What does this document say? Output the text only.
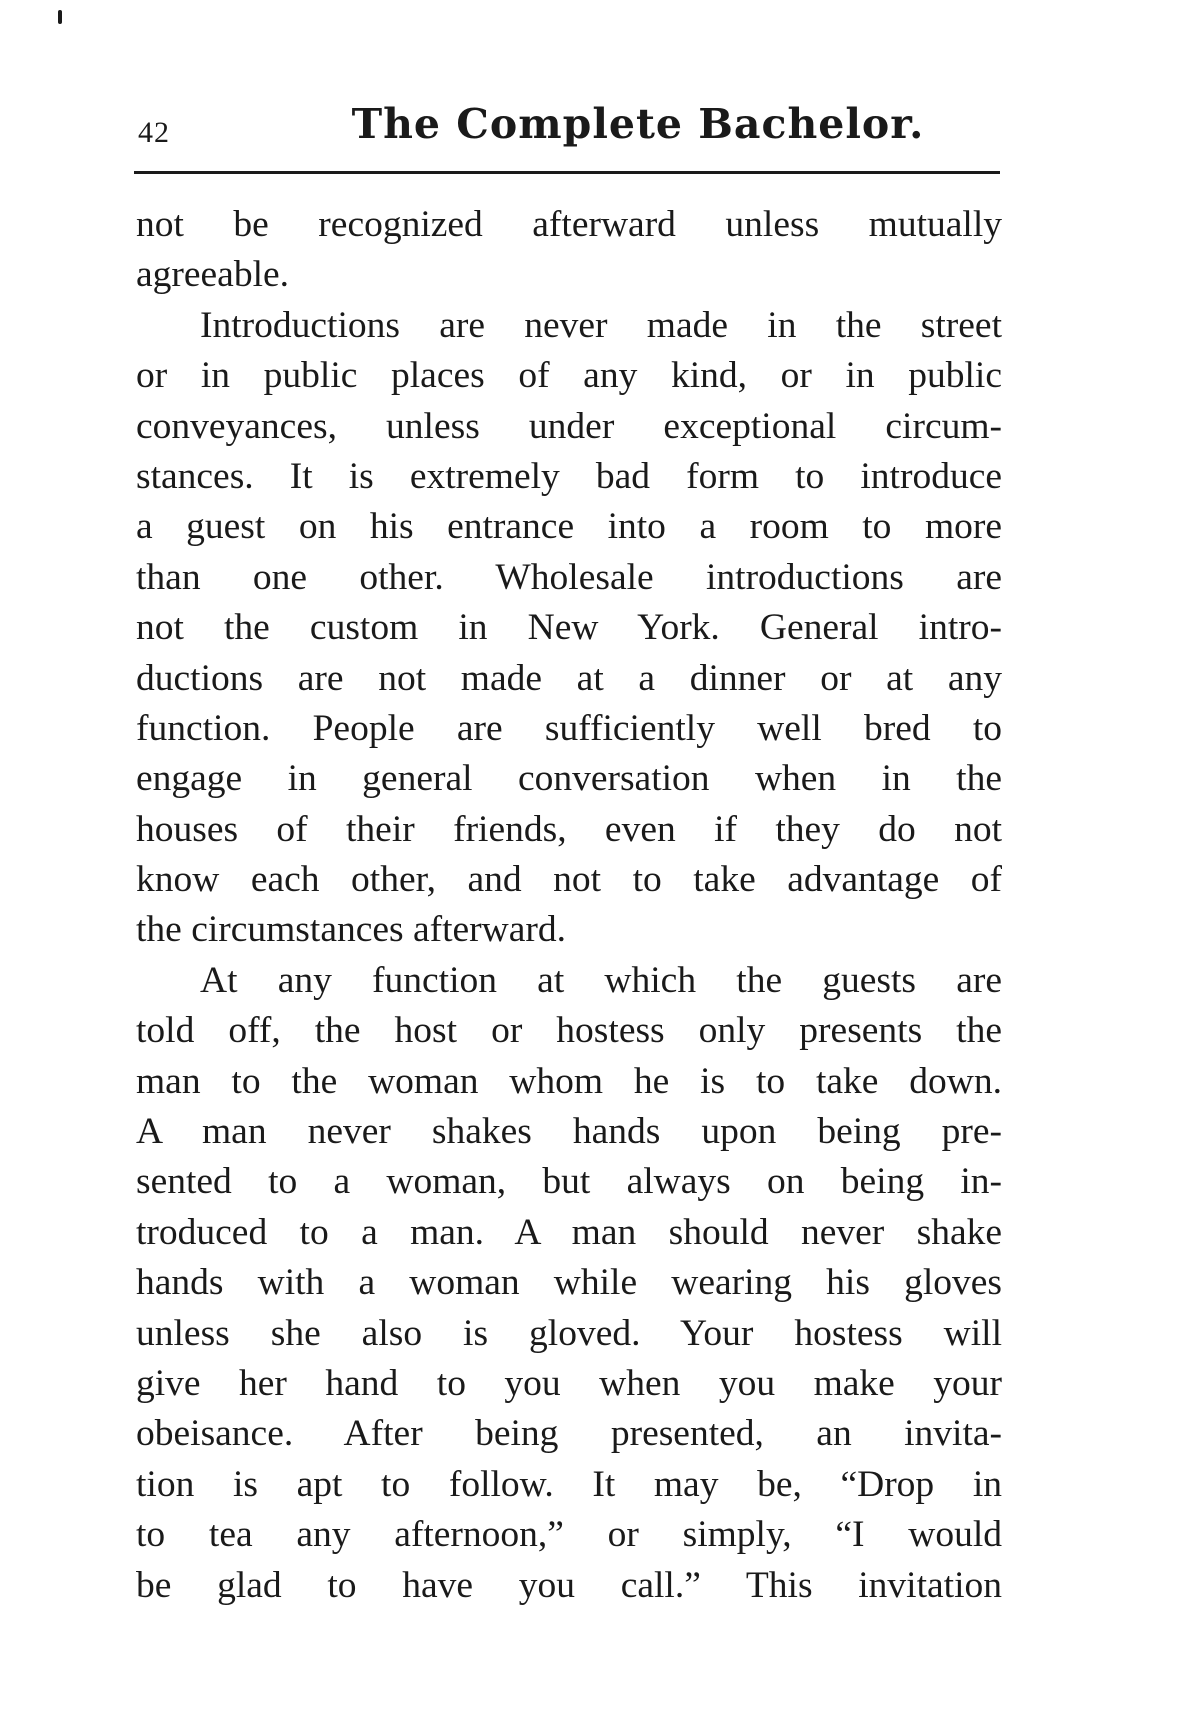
42	The Complete Bachelor.
not be recognized afterward unless mutually
agreeable.
Introductions are never made in the street
or in public places of any kind, or in public
conveyances, unless under exceptional circum-
stances. It is extremely bad form to introduce
a guest on his entrance into a room to more
than one other. Wholesale introductions are
not the custom in New York. General intro-
ductions are not made at a dinner or at any
function. People are sufficiently well bred to
engage in general conversation when in the
houses of their friends, even if they do not
know each other, and not to take advantage of
the circumstances afterward.
At any function at which the guests are
told off, the host or hostess only presents the
man to the woman whom he is to take down.
A man never shakes hands upon being pre-
sented to a woman, but always on being in-
troduced to a man. A man should never shake
hands with a woman while wearing his gloves
unless she also is gloved. Your hostess will
give her hand to you when you make your
obeisance. After being presented, an invita-
tion is apt to follow. It may be, “Drop in
to tea any afternoon,” or simply, “I would
be glad to have you call.” This invitation
